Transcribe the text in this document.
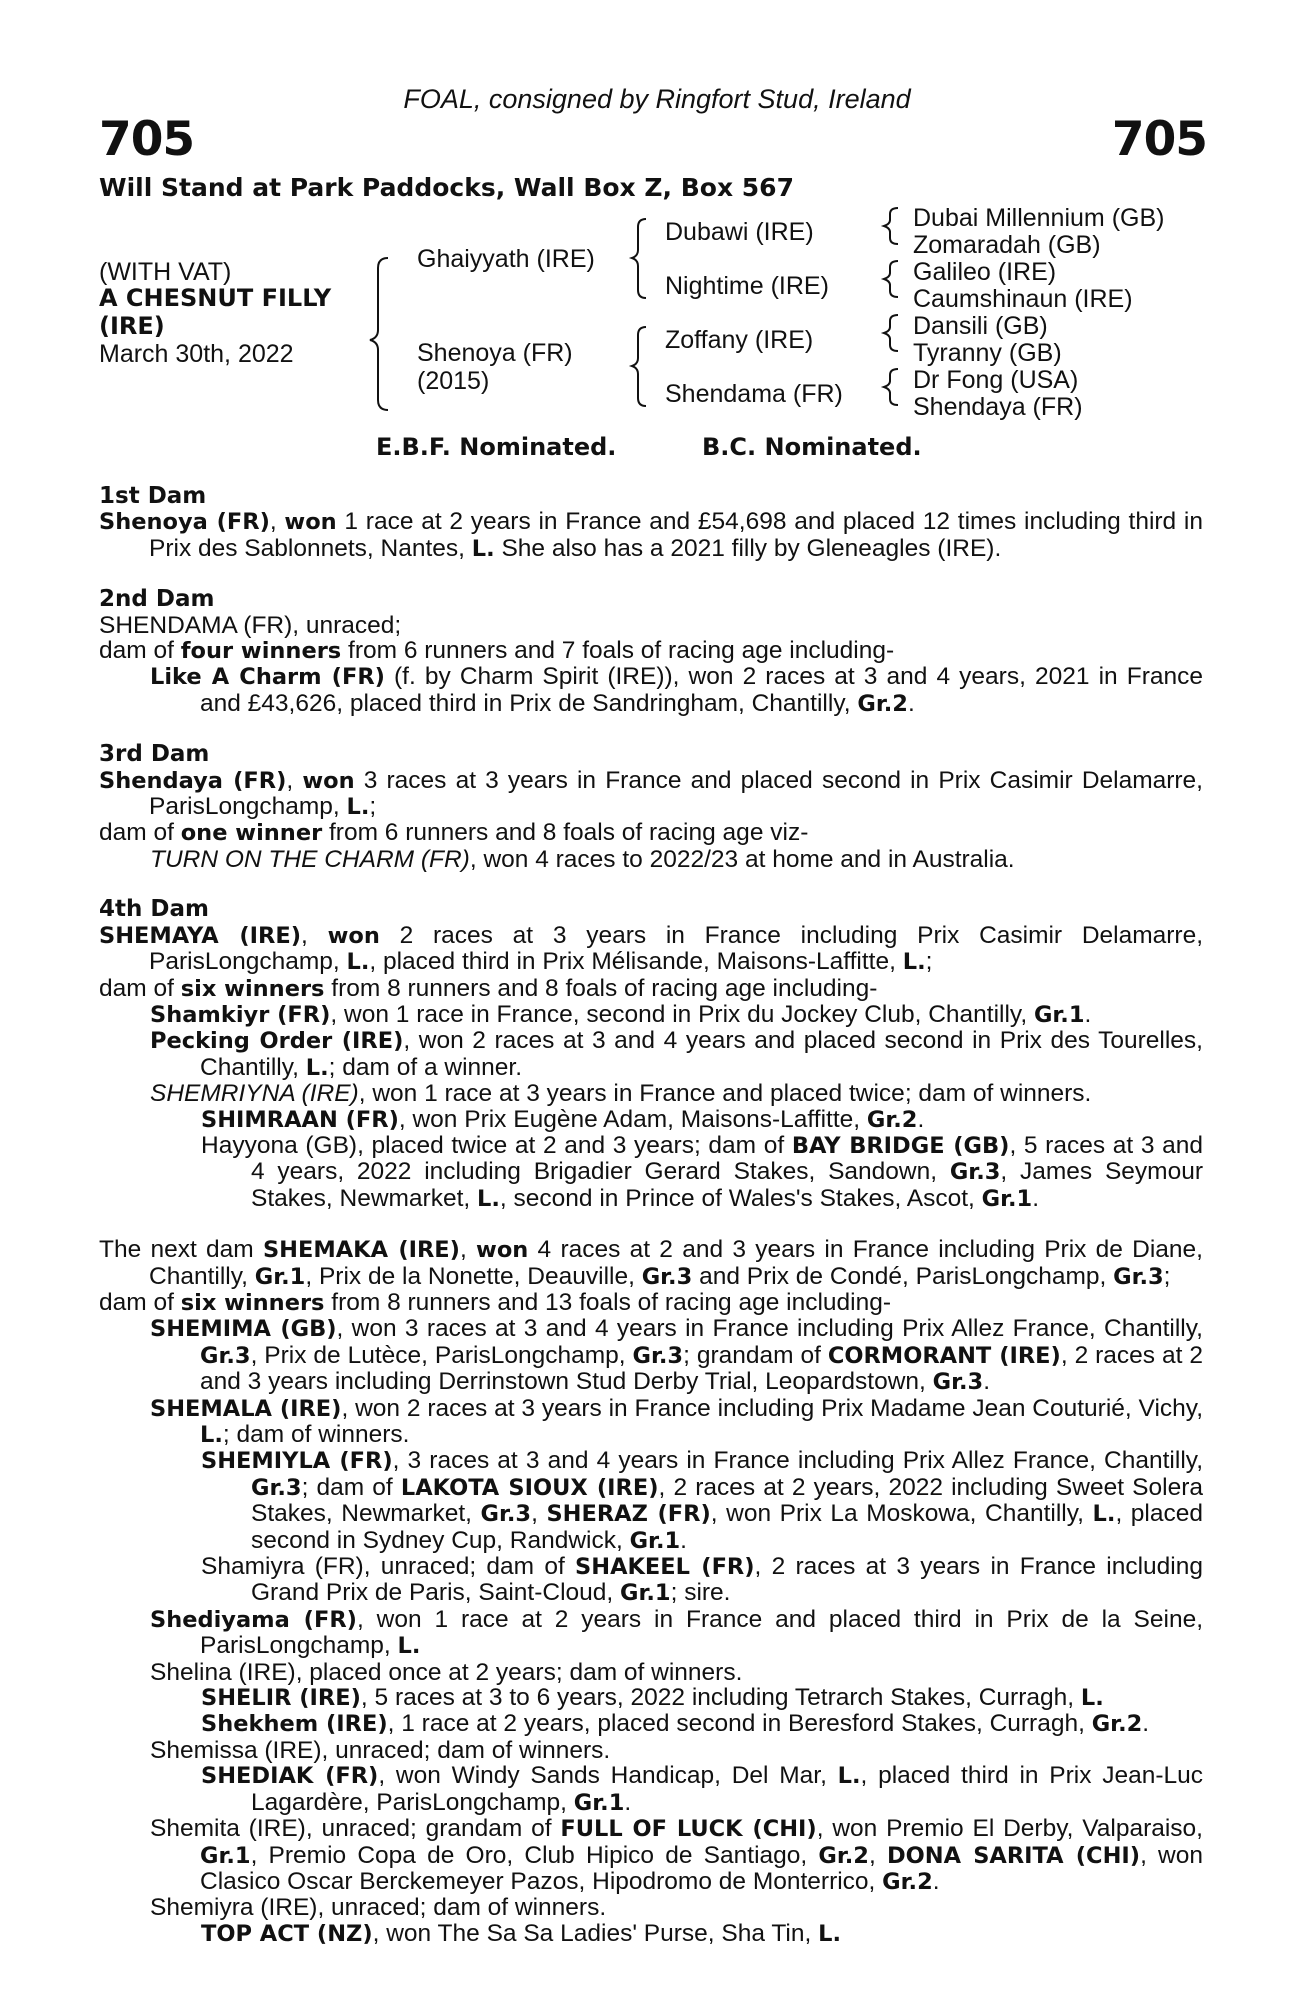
FOAL, consigned by Ringfort Stud, Ireland
705	705
Will Stand at Park Paddocks, Wall Box Z, Box 567
(WITH VAT)
A CHESNUT FILLY
(IRE)
March 30th, 2022
Ghaiyyath (IRE)
Shenoya (FR)
(2015)
Dubawi (IRE)
Nightime (IRE)
Zoffany (IRE)
Shendama (FR)
Dubai Millennium (GB)
Zomaradah (GB)
Galileo (IRE)
Caumshinaun (IRE)
Dansili (GB)
Tyranny (GB)
Dr Fong (USA)
Shendaya (FR)
E.B.F. Nominated.	B.C. Nominated.
1st Dam
Shenoya (FR), won 1 race at 2 years in France and £54,698 and placed 12 times including third in Prix des Sablonnets, Nantes, L. She also has a 2021 filly by Gleneagles (IRE).
2nd Dam
SHENDAMA (FR), unraced;
dam of four winners from 6 runners and 7 foals of racing age including-
Like A Charm (FR) (f. by Charm Spirit (IRE)), won 2 races at 3 and 4 years, 2021 in France and £43,626, placed third in Prix de Sandringham, Chantilly, Gr.2.
3rd Dam
Shendaya (FR), won 3 races at 3 years in France and placed second in Prix Casimir Delamarre, ParisLongchamp, L.;
dam of one winner from 6 runners and 8 foals of racing age viz-
TURN ON THE CHARM (FR), won 4 races to 2022/23 at home and in Australia.
4th Dam
SHEMAYA (IRE), won 2 races at 3 years in France including Prix Casimir Delamarre, ParisLongchamp, L., placed third in Prix Mélisande, Maisons-Laffitte, L.;
dam of six winners from 8 runners and 8 foals of racing age including-
Shamkiyr (FR), won 1 race in France, second in Prix du Jockey Club, Chantilly, Gr.1.
Pecking Order (IRE), won 2 races at 3 and 4 years and placed second in Prix des Tourelles, Chantilly, L.; dam of a winner.
SHEMRIYNA (IRE), won 1 race at 3 years in France and placed twice; dam of winners.
SHIMRAAN (FR), won Prix Eugène Adam, Maisons-Laffitte, Gr.2.
Hayyona (GB), placed twice at 2 and 3 years; dam of BAY BRIDGE (GB), 5 races at 3 and 4 years, 2022 including Brigadier Gerard Stakes, Sandown, Gr.3, James Seymour Stakes, Newmarket, L., second in Prince of Wales's Stakes, Ascot, Gr.1.
The next dam SHEMAKA (IRE), won 4 races at 2 and 3 years in France including Prix de Diane, Chantilly, Gr.1, Prix de la Nonette, Deauville, Gr.3 and Prix de Condé, ParisLongchamp, Gr.3;
dam of six winners from 8 runners and 13 foals of racing age including-
SHEMIMA (GB), won 3 races at 3 and 4 years in France including Prix Allez France, Chantilly, Gr.3, Prix de Lutèce, ParisLongchamp, Gr.3; grandam of CORMORANT (IRE), 2 races at 2 and 3 years including Derrinstown Stud Derby Trial, Leopardstown, Gr.3.
SHEMALA (IRE), won 2 races at 3 years in France including Prix Madame Jean Couturié, Vichy, L.; dam of winners.
SHEMIYLA (FR), 3 races at 3 and 4 years in France including Prix Allez France, Chantilly, Gr.3; dam of LAKOTA SIOUX (IRE), 2 races at 2 years, 2022 including Sweet Solera Stakes, Newmarket, Gr.3, SHERAZ (FR), won Prix La Moskowa, Chantilly, L., placed second in Sydney Cup, Randwick, Gr.1.
Shamiyra (FR), unraced; dam of SHAKEEL (FR), 2 races at 3 years in France including Grand Prix de Paris, Saint-Cloud, Gr.1; sire.
Shediyama (FR), won 1 race at 2 years in France and placed third in Prix de la Seine, ParisLongchamp, L.
Shelina (IRE), placed once at 2 years; dam of winners.
SHELIR (IRE), 5 races at 3 to 6 years, 2022 including Tetrarch Stakes, Curragh, L.
Shekhem (IRE), 1 race at 2 years, placed second in Beresford Stakes, Curragh, Gr.2.
Shemissa (IRE), unraced; dam of winners.
SHEDIAK (FR), won Windy Sands Handicap, Del Mar, L., placed third in Prix Jean-Luc Lagardère, ParisLongchamp, Gr.1.
Shemita (IRE), unraced; grandam of FULL OF LUCK (CHI), won Premio El Derby, Valparaiso, Gr.1, Premio Copa de Oro, Club Hipico de Santiago, Gr.2, DONA SARITA (CHI), won Clasico Oscar Berckemeyer Pazos, Hipodromo de Monterrico, Gr.2.
Shemiyra (IRE), unraced; dam of winners.
TOP ACT (NZ), won The Sa Sa Ladies' Purse, Sha Tin, L.
